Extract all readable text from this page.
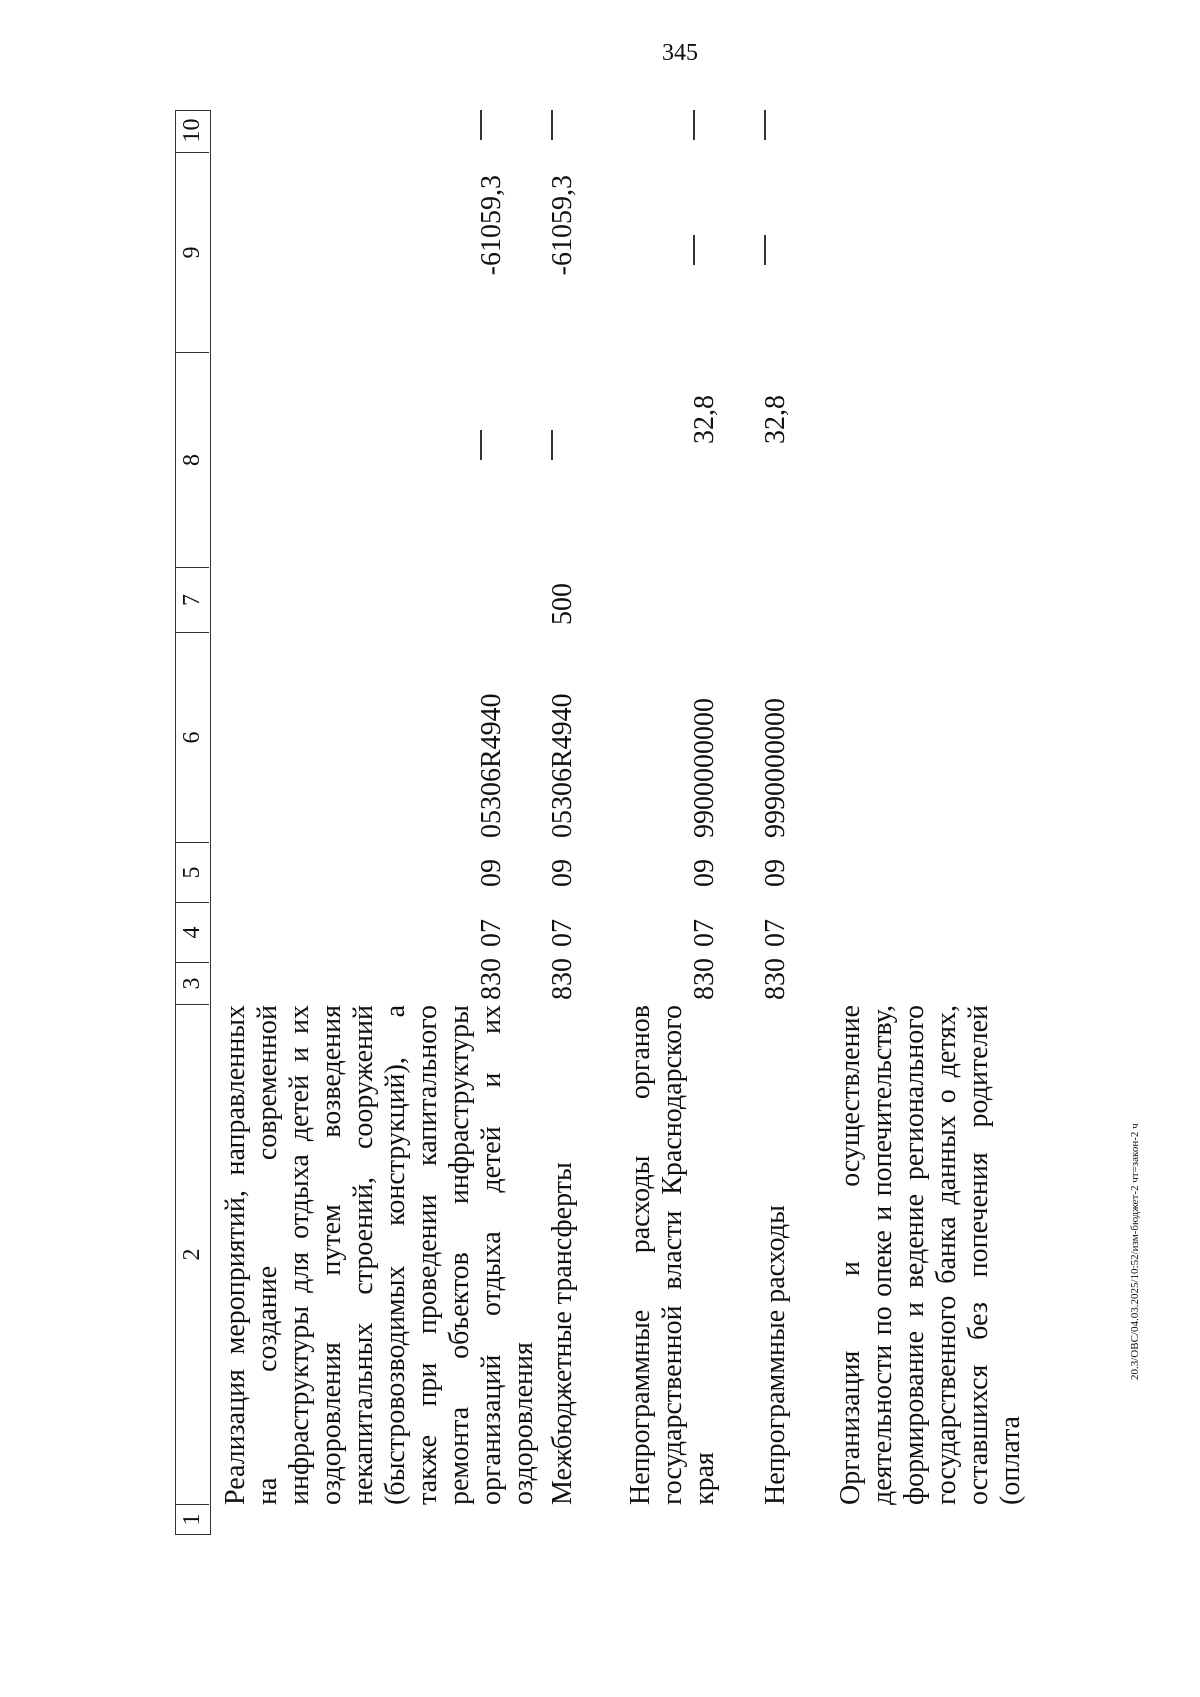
345
20.3/ОВС/04.03.2025/10:52/изм-бюджет-2 чт=закон-2 ч
1
2
3
4
5
6
7
8
9
10
Реализация мероприятий, направленных на создание современной инфраструктуры для отдыха детей и их оздоровления путем возведения некапитальных строений, сооружений (быстровозводимых конструкций), а также при проведении капитального ремонта объектов инфраструктуры организаций отдыха детей и их оздоровления
830
07
09
05306R4940
-61059,3
Межбюджетные трансферты
830
07
09
05306R4940
500
-61059,3
Непрограммные расходы органов государственной власти Краснодарского края
830
07
09
9900000000
32,8
Непрограммные расходы
830
07
09
9990000000
32,8
Организация и осуществление деятельности по опеке и попечительству, формирование и ведение регионального государственного банка данных о детях, оставшихся без попечения родителей (оплата
